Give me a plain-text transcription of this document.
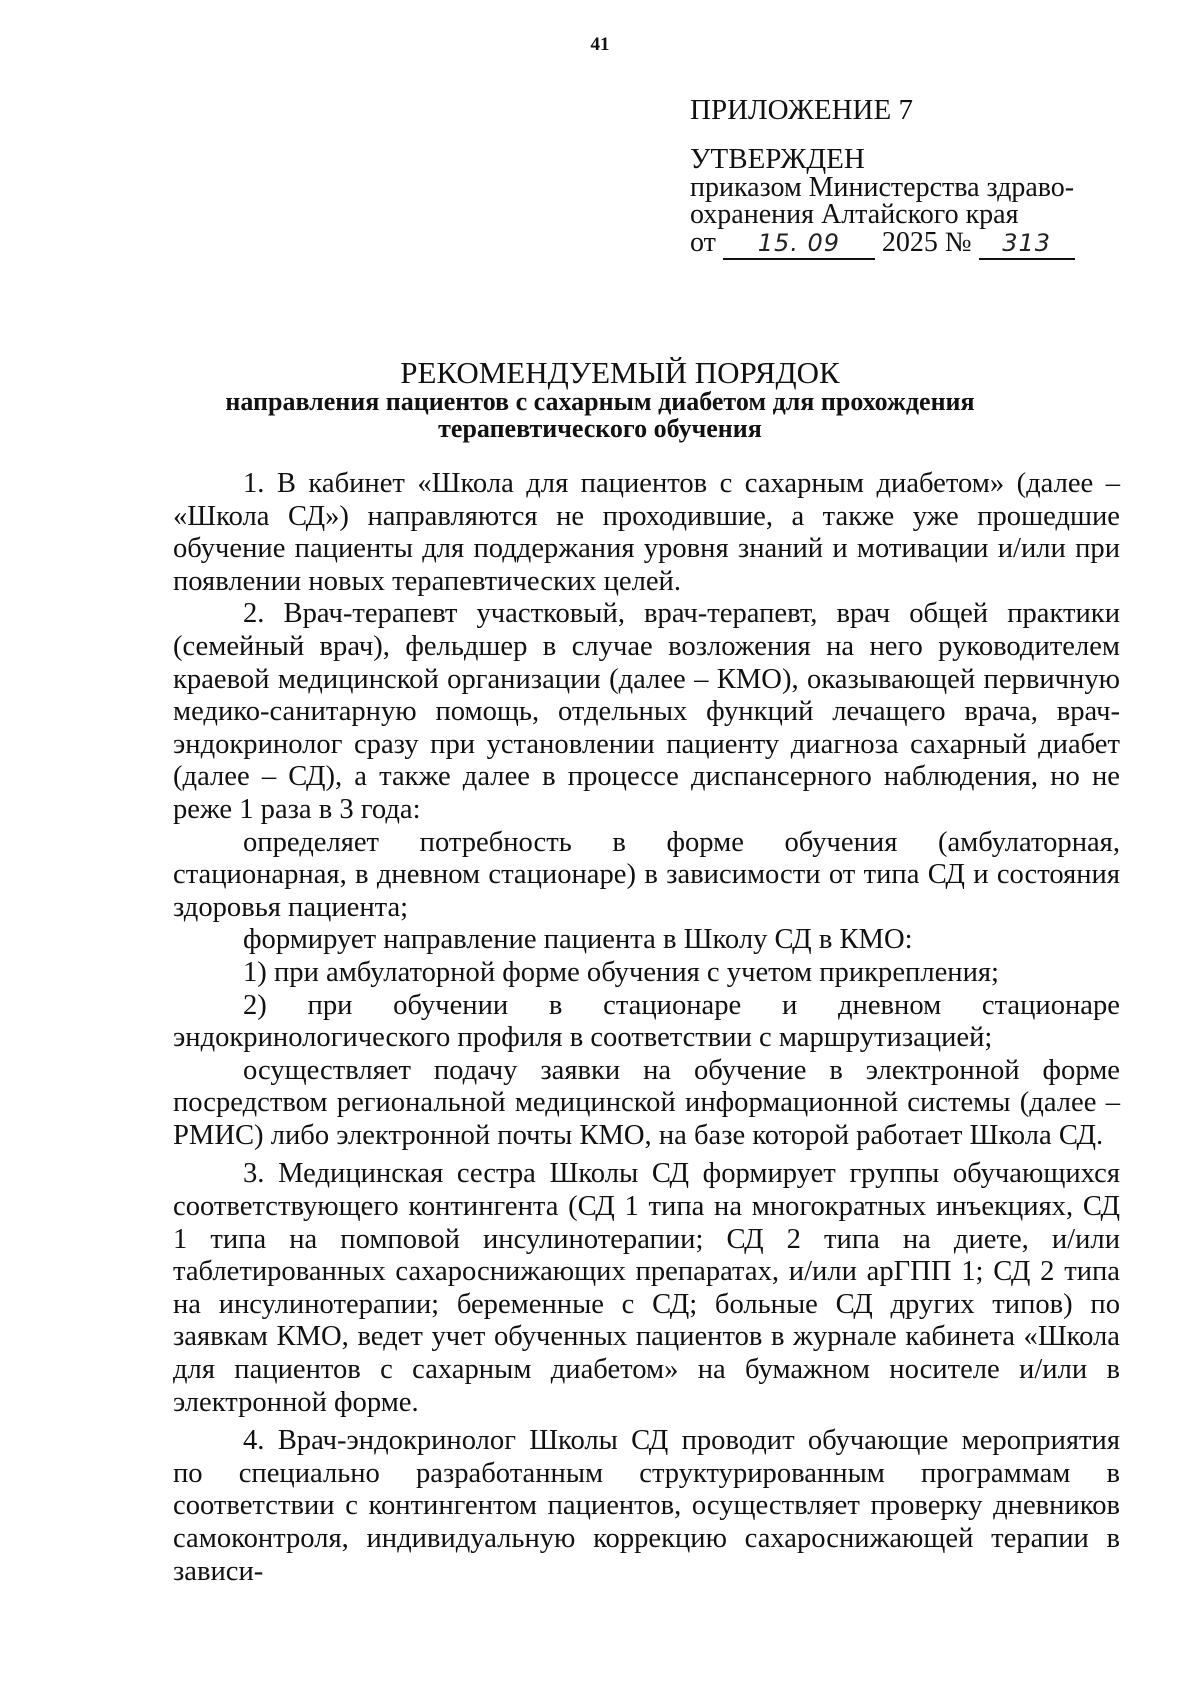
41
ПРИЛОЖЕНИЕ 7
УТВЕРЖДЕН
приказом Министерства здраво-
охранения Алтайского края
от 15. 09 2025 № 313
РЕКОМЕНДУЕМЫЙ ПОРЯДОК
направления пациентов с сахарным диабетом для прохождения
терапевтического обучения

1. В кабинет «Школа для пациентов с сахарным диабетом» (далее – «Школа СД») направляются не проходившие, а также уже прошедшие обучение пациенты для поддержания уровня знаний и мотивации и/или при появлении новых терапевтических целей.

2. Врач-терапевт участковый, врач-терапевт, врач общей практики (семейный врач), фельдшер в случае возложения на него руководителем краевой медицинской организации (далее – КМО), оказывающей первичную медико-санитарную помощь, отдельных функций лечащего врача, врач-эндокринолог сразу при установлении пациенту диагноза сахарный диабет (далее – СД), а также далее в процессе диспансерного наблюдения, но не реже 1 раза в 3 года:

определяет потребность в форме обучения (амбулаторная, стационарная, в дневном стационаре) в зависимости от типа СД и состояния здоровья пациента;

формирует направление пациента в Школу СД в КМО:

1) при амбулаторной форме обучения с учетом прикрепления;

2) при обучении в стационаре и дневном стационаре эндокринологического профиля в соответствии с маршрутизацией;

осуществляет подачу заявки на обучение в электронной форме посредством региональной медицинской информационной системы (далее – РМИС) либо электронной почты КМО, на базе которой работает Школа СД.

3. Медицинская сестра Школы СД формирует группы обучающихся соответствующего контингента (СД 1 типа на многократных инъекциях, СД 1 типа на помповой инсулинотерапии; СД 2 типа на диете, и/или таблетированных сахароснижающих препаратах, и/или арГПП 1; СД 2 типа на инсулинотерапии; беременные с СД; больные СД других типов) по заявкам КМО, ведет учет обученных пациентов в журнале кабинета «Школа для пациентов с сахарным диабетом» на бумажном носителе и/или в электронной форме.

4. Врач-эндокринолог Школы СД проводит обучающие мероприятия по специально разработанным структурированным программам в соответствии с контингентом пациентов, осуществляет проверку дневников самоконтроля, индивидуальную коррекцию сахароснижающей терапии в зависи-
